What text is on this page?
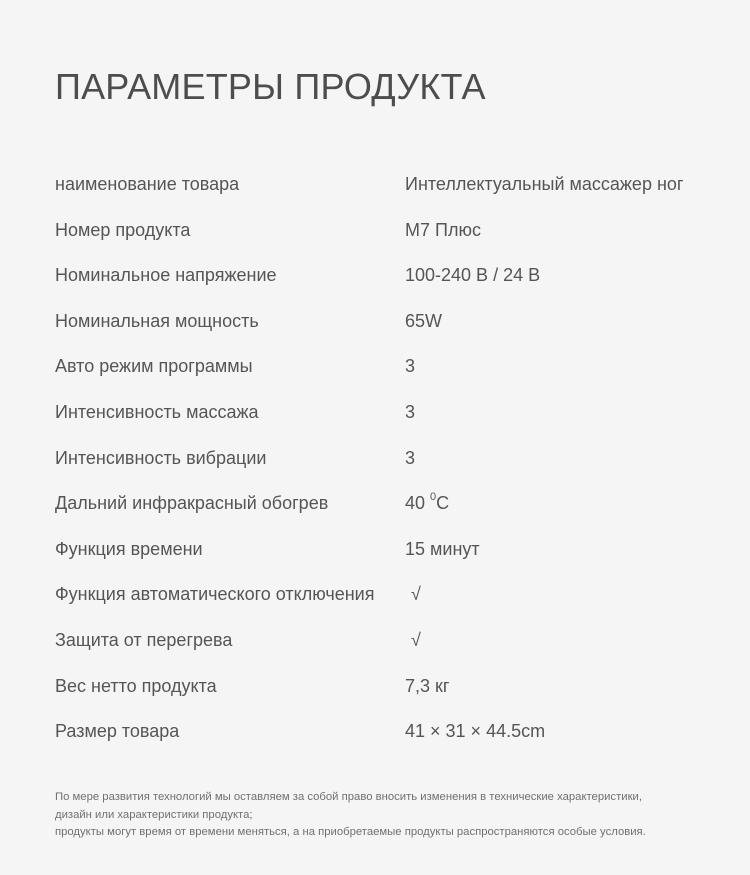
ПАРАМЕТРЫ ПРОДУКТА
наименование товара	Интеллектуальный массажер ног
Номер продукта	M7 Плюс
Номинальное напряжение	100-240 В / 24 В
Номинальная мощность	65W
Авто режим программы	3
Интенсивность массажа	3
Интенсивность вибрации	3
Дальний инфракрасный обогрев	40 $^0$C
Функция времени	15 минут
Функция автоматического отключения √
Защита от перегрева	√
Вес нетто продукта	7,3 кг
Размер товара	41 × 31 × 44.5cm
По мере развития технологий мы оставляем за собой право вносить изменения в технические характеристики,
дизайн или характеристики продукта;
продукты могут время от времени меняться, а на приобретаемые продукты распространяются особые условия.
